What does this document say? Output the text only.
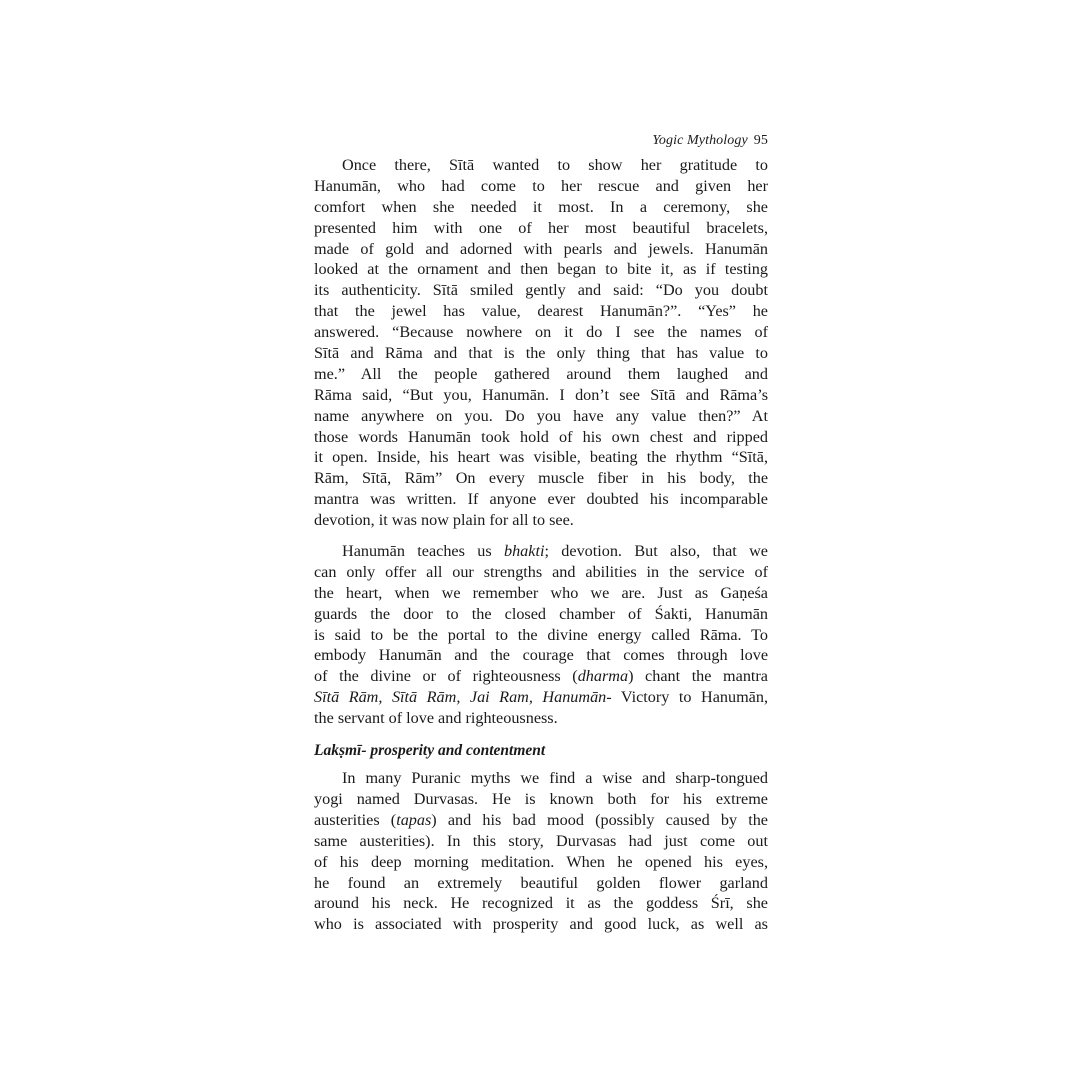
Yogic Mythology 95
Once there, Sītā wanted to show her gratitude to
Hanumān, who had come to her rescue and given her
comfort when she needed it most. In a ceremony, she
presented him with one of her most beautiful bracelets,
made of gold and adorned with pearls and jewels. Hanumān
looked at the ornament and then began to bite it, as if testing
its authenticity. Sītā smiled gently and said: “Do you doubt
that the jewel has value, dearest Hanumān?”. “Yes” he
answered. “Because nowhere on it do I see the names of
Sītā and Rāma and that is the only thing that has value to
me.” All the people gathered around them laughed and
Rāma said, “But you, Hanumān. I don’t see Sītā and Rāma’s
name anywhere on you. Do you have any value then?” At
those words Hanumān took hold of his own chest and ripped
it open. Inside, his heart was visible, beating the rhythm “Sītā,
Rām, Sītā, Rām” On every muscle fiber in his body, the
mantra was written. If anyone ever doubted his incomparable
devotion, it was now plain for all to see.
Hanumān teaches us bhakti; devotion. But also, that we
can only offer all our strengths and abilities in the service of
the heart, when we remember who we are. Just as Gaṇeśa
guards the door to the closed chamber of Śakti, Hanumān
is said to be the portal to the divine energy called Rāma. To
embody Hanumān and the courage that comes through love
of the divine or of righteousness (dharma) chant the mantra
Sītā Rām, Sītā Rām, Jai Ram, Hanumān- Victory to Hanumān,
the servant of love and righteousness.
Lakṣmī- prosperity and contentment
In many Puranic myths we find a wise and sharp-tongued
yogi named Durvasas. He is known both for his extreme
austerities (tapas) and his bad mood (possibly caused by the
same austerities). In this story, Durvasas had just come out
of his deep morning meditation. When he opened his eyes,
he found an extremely beautiful golden flower garland
around his neck. He recognized it as the goddess Śrī, she
who is associated with prosperity and good luck, as well as
